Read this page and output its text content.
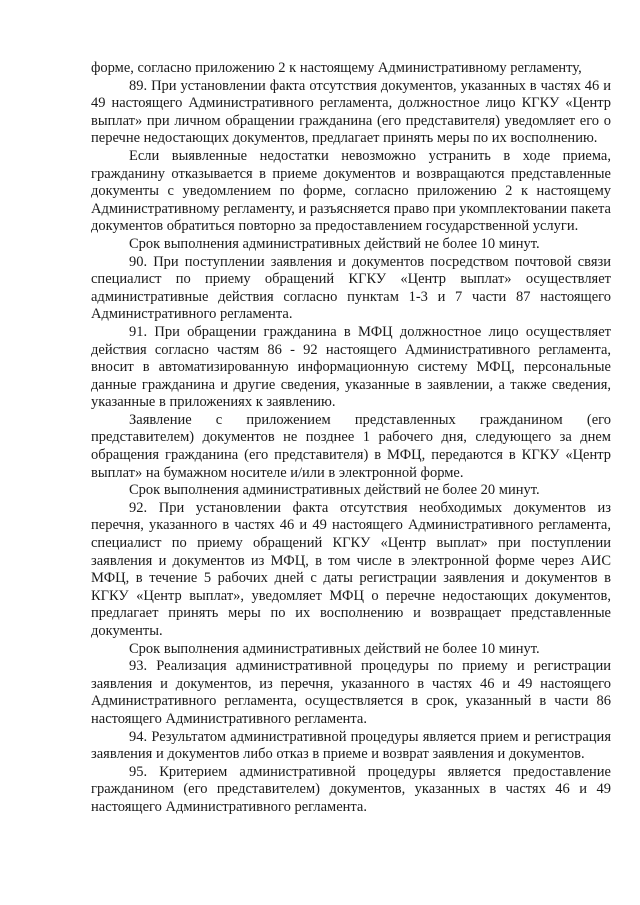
форме, согласно приложению 2 к настоящему Административному регламенту,

89. При установлении факта отсутствия документов, указанных в частях 46 и 49 настоящего Административного регламента, должностное лицо КГКУ «Центр выплат» при личном обращении гражданина (его представителя) уведомляет его о перечне недостающих документов, предлагает принять меры по их восполнению.

Если выявленные недостатки невозможно устранить в ходе приема, гражданину отказывается в приеме документов и возвращаются представленные документы с уведомлением по форме, согласно приложению 2 к настоящему Административному регламенту, и разъясняется право при укомплектовании пакета документов обратиться повторно за предоставлением государственной услуги.

Срок выполнения административных действий не более 10 минут.

90. При поступлении заявления и документов посредством почтовой связи специалист по приему обращений КГКУ «Центр выплат» осуществляет административные действия согласно пунктам 1-3 и 7 части 87 настоящего Административного регламента.

91. При обращении гражданина в МФЦ должностное лицо осуществляет действия согласно частям 86 - 92 настоящего Административного регламента, вносит в автоматизированную информационную систему МФЦ, персональные данные гражданина и другие сведения, указанные в заявлении, а также сведения, указанные в приложениях к заявлению.

Заявление с приложением представленных гражданином (его представителем) документов не позднее 1 рабочего дня, следующего за днем обращения гражданина (его представителя) в МФЦ, передаются в КГКУ «Центр выплат» на бумажном носителе и/или в электронной форме.

Срок выполнения административных действий не более 20 минут.

92. При установлении факта отсутствия необходимых документов из перечня, указанного в частях 46 и 49 настоящего Административного регламента, специалист по приему обращений КГКУ «Центр выплат» при поступлении заявления и документов из МФЦ, в том числе в электронной форме через АИС МФЦ, в течение 5 рабочих дней с даты регистрации заявления и документов в КГКУ «Центр выплат», уведомляет МФЦ о перечне недостающих документов, предлагает принять меры по их восполнению и возвращает представленные документы.

Срок выполнения административных действий не более 10 минут.

93. Реализация административной процедуры по приему и регистрации заявления и документов, из перечня, указанного в частях 46 и 49 настоящего Административного регламента, осуществляется в срок, указанный в части 86 настоящего Административного регламента.

94. Результатом административной процедуры является прием и регистрация заявления и документов либо отказ в приеме и возврат заявления и документов.

95. Критерием административной процедуры является предоставление гражданином (его представителем) документов, указанных в частях 46 и 49 настоящего Административного регламента.
